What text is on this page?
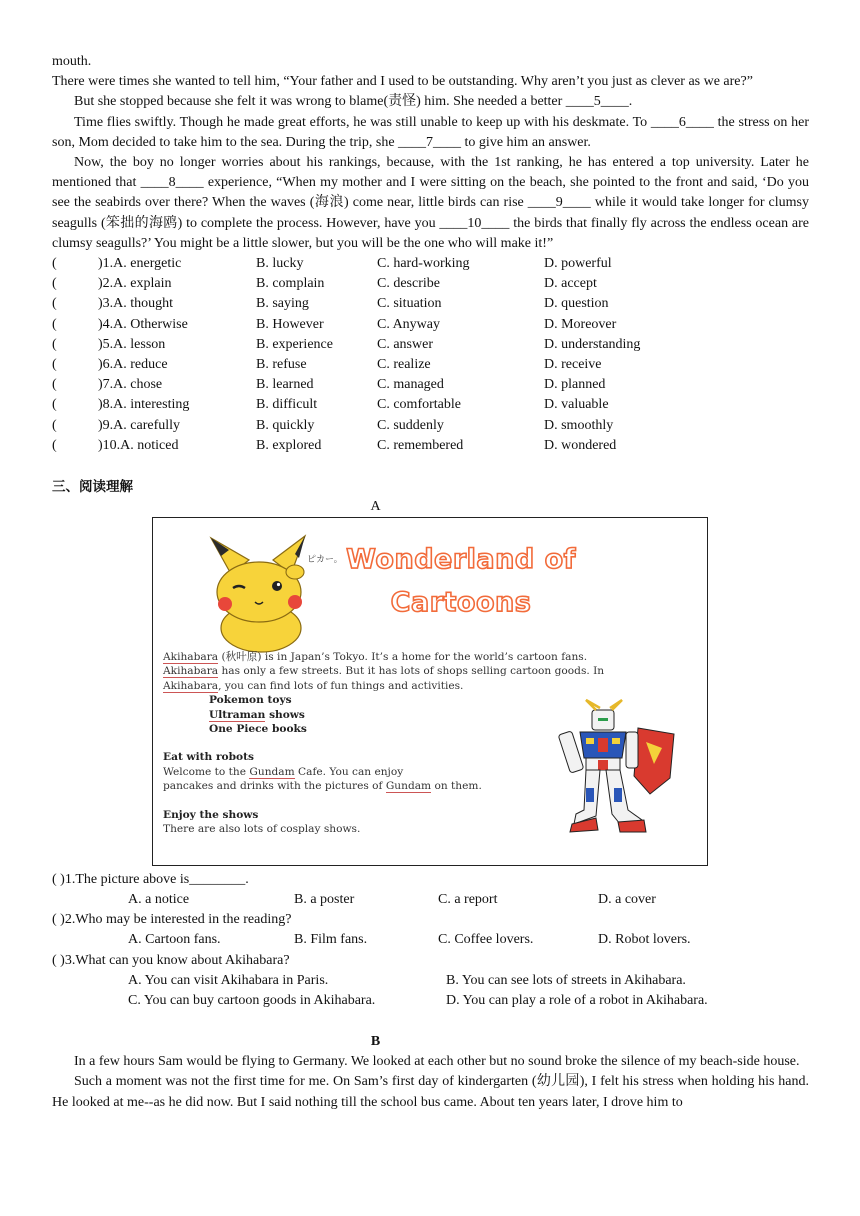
mouth.

There were times she wanted to tell him, “Your father and I used to be outstanding. Why aren’t you just as clever as we are?”

But she stopped because she felt it was wrong to blame(责怪) him. She needed a better ____5____.

Time flies swiftly. Though he made great efforts, he was still unable to keep up with his deskmate. To ____6____ the stress on her son, Mom decided to take him to the sea. During the trip, she ____7____ to give him an answer.

Now, the boy no longer worries about his rankings, because, with the 1st ranking, he has entered a top university. Later he mentioned that ____8____ experience, “When my mother and I were sitting on the beach, she pointed to the front and said, ‘Do you see the seabirds over there? When the waves (海浪) come near, little birds can rise ____9____ while it would take longer for clumsy seagulls (笨拙的海鸥) to complete the process. However, have you ____10____ the birds that finally fly across the endless ocean are clumsy seagulls?’ You might be a little slower, but you will be the one who will make it!”

(	)1.A. energetic	B. lucky	C. hard-working	D. powerful
(	)2.A. explain	B. complain	C. describe	D. accept
(	)3.A. thought	B. saying	C. situation	D. question
(	)4.A. Otherwise	B. However	C. Anyway	D. Moreover
(	)5.A. lesson	B. experience	C. answer	D. understanding
(	)6.A. reduce	B. refuse	C. realize	D. receive
(	)7.A. chose	B. learned	C. managed	D. planned
(	)8.A. interesting	B. difficult	C. comfortable	D. valuable
(	)9.A. carefully	B. quickly	C. suddenly	D. smoothly
(	)10.A. noticed	B. explored	C. remembered	D. wondered
三、阅读理解
A
ピカー。 Wonderland of
Cartoons
Akihabara (秋叶原) is in Japan’s Tokyo. It’s a home for the world’s cartoon fans.
Akihabara has only a few streets. But it has lots of shops selling cartoon goods. In
Akihabara, you can find lots of fun things and activities.
Pokemon toys
Ultraman shows
One Piece books
Eat with robots
Welcome to the Gundam Cafe. You can enjoy
pancakes and drinks with the pictures of Gundam on them.
Enjoy the shows
There are also lots of cosplay shows.
( )1.The picture above is________.
A. a notice	B. a poster	C. a report	D. a cover
( )2.Who may be interested in the reading?
A. Cartoon fans.	B. Film fans.	C. Coffee lovers.	D. Robot lovers.
( )3.What can you know about Akihabara?
A. You can visit Akihabara in Paris.	B. You can see lots of streets in Akihabara.
C. You can buy cartoon goods in Akihabara.	D. You can play a role of a robot in Akihabara.
B

In a few hours Sam would be flying to Germany. We looked at each other but no sound broke the silence of my beach-side house.

Such a moment was not the first time for me. On Sam’s first day of kindergarten (幼儿园), I felt his stress when holding his hand. He looked at me--as he did now. But I said nothing till the school bus came. About ten years later, I drove him to
